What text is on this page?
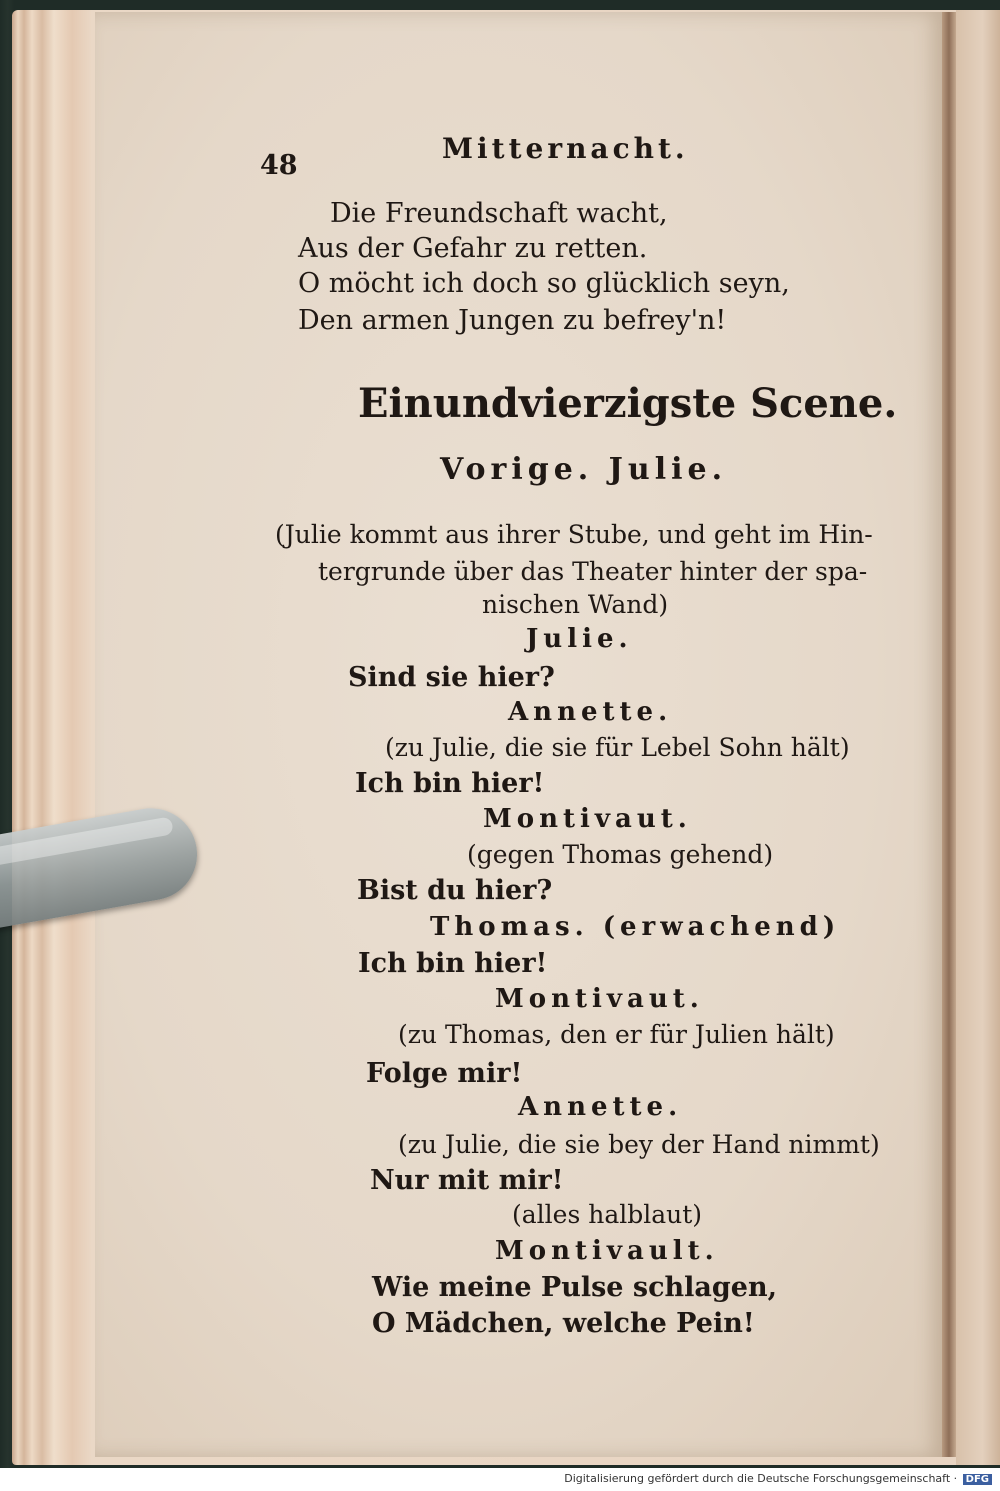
48
Mitternacht.
Die Freundschaft wacht,
Aus der Gefahr zu retten.
O möcht ich doch so glücklich seyn,
Den armen Jungen zu befrey'n!
Einundvierzigste Scene.
Vorige. Julie.
(Julie kommt aus ihrer Stube, und geht im Hin-
tergrunde über das Theater hinter der spa-
nischen Wand)
Julie.
Sind sie hier?
Annette.
(zu Julie, die sie für Lebel Sohn hält)
Ich bin hier!
Montivaut.
(gegen Thomas gehend)
Bist du hier?
Thomas. (erwachend)
Ich bin hier!
Montivaut.
(zu Thomas, den er für Julien hält)
Folge mir!
Annette.
(zu Julie, die sie bey der Hand nimmt)
Nur mit mir!
(alles halblaut)
Montivault.
Wie meine Pulse schlagen,
O Mädchen, welche Pein!
Digitalisierung gefördert durch die Deutsche Forschungsgemeinschaft · DFG
